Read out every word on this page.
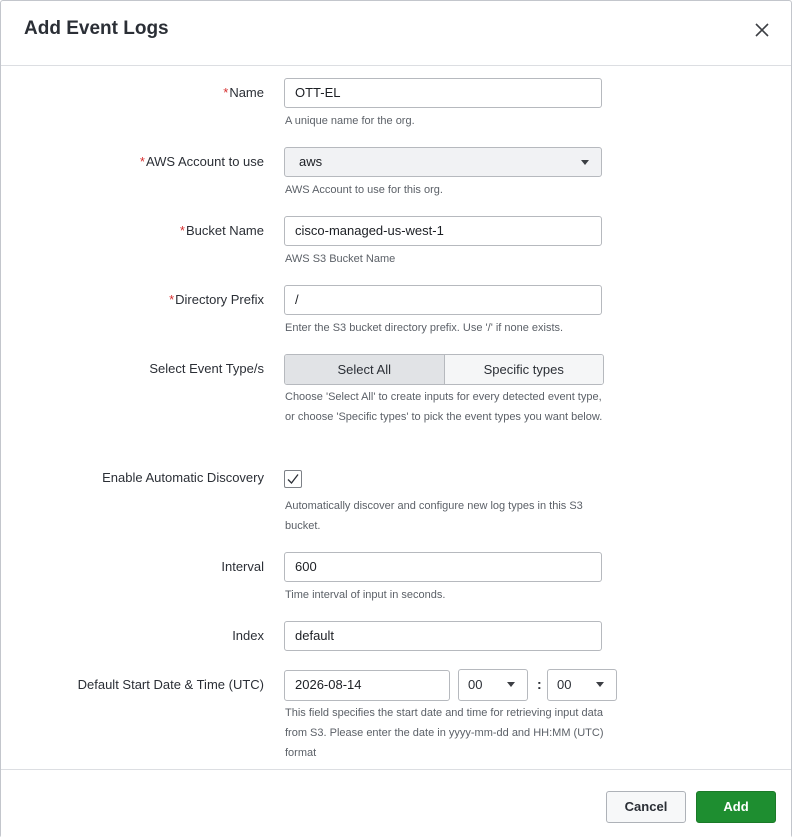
Add Event Logs
*Name	OTT-EL
A unique name for the org.
*AWS Account to use	aws
AWS Account to use for this org.
*Bucket Name	cisco-managed-us-west-1
AWS S3 Bucket Name
*Directory Prefix	/
Enter the S3 bucket directory prefix. Use '/' if none exists.
Select Event Type/s	Select All	Specific types
Choose 'Select All' to create inputs for every detected event type, or choose 'Specific types' to pick the event types you want below.
Enable Automatic Discovery
Automatically discover and configure new log types in this S3 bucket.
Interval	600
Time interval of input in seconds.
Index	default
Default Start Date & Time (UTC)	2026-08-14	00	:	00
This field specifies the start date and time for retrieving input data from S3. Please enter the date in yyyy-mm-dd and HH:MM (UTC) format
Cancel	Add
